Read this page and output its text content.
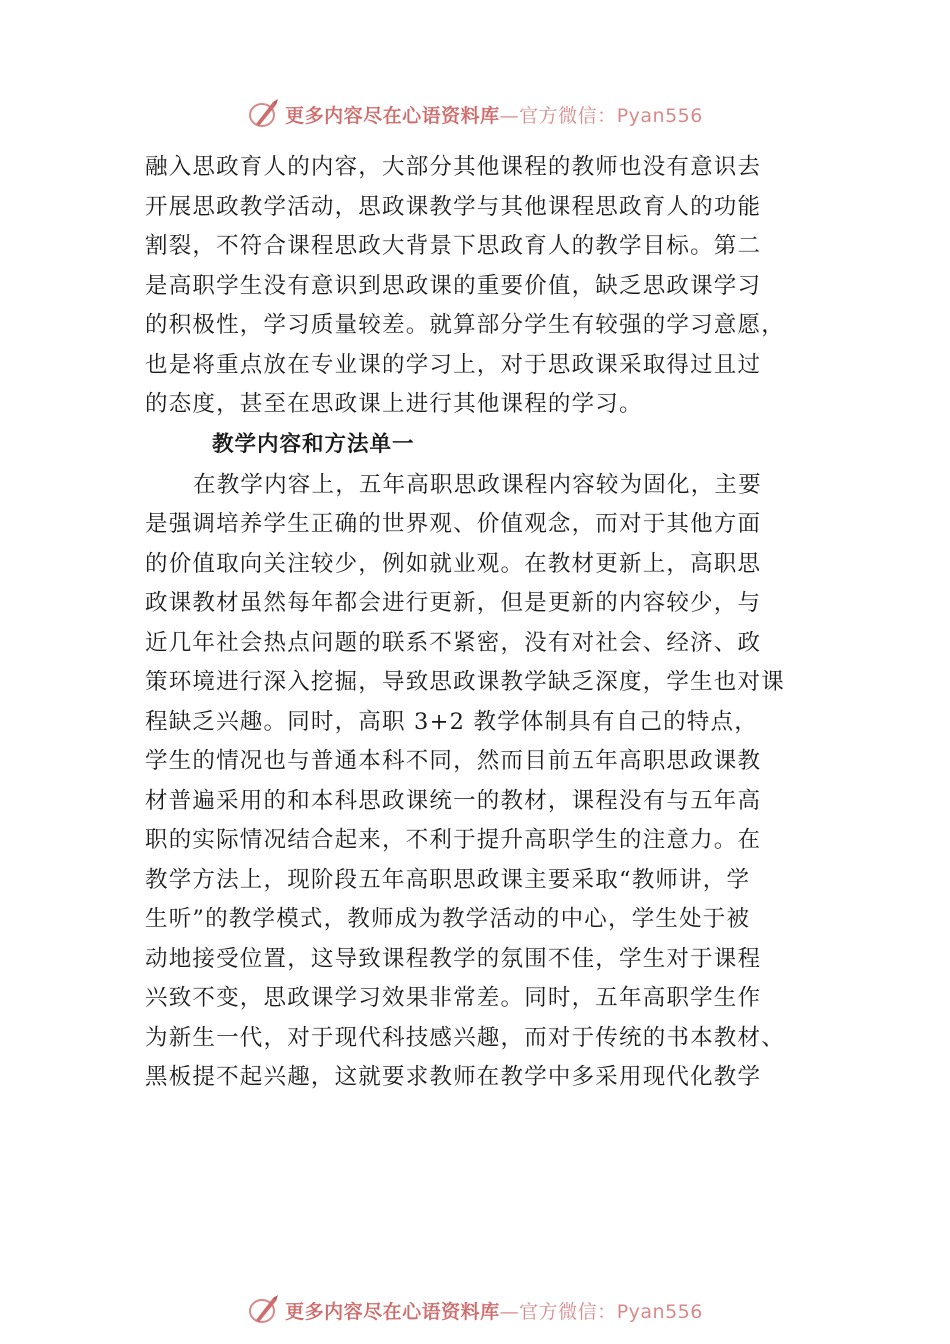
更多内容尽在心语资料库—官方微信：Pyan556
融入思政育人的内容，大部分其他课程的教师也没有意识去
开展思政教学活动，思政课教学与其他课程思政育人的功能
割裂，不符合课程思政大背景下思政育人的教学目标。第二
是高职学生没有意识到思政课的重要价值，缺乏思政课学习
的积极性，学习质量较差。就算部分学生有较强的学习意愿，
也是将重点放在专业课的学习上，对于思政课采取得过且过
的态度，甚至在思政课上进行其他课程的学习。
教学内容和方法单一
在教学内容上，五年高职思政课程内容较为固化，主要
是强调培养学生正确的世界观、价值观念，而对于其他方面
的价值取向关注较少，例如就业观。在教材更新上，高职思
政课教材虽然每年都会进行更新，但是更新的内容较少，与
近几年社会热点问题的联系不紧密，没有对社会、经济、政
策环境进行深入挖掘，导致思政课教学缺乏深度，学生也对课
程缺乏兴趣。同时，高职 3+2 教学体制具有自己的特点，
学生的情况也与普通本科不同，然而目前五年高职思政课教
材普遍采用的和本科思政课统一的教材，课程没有与五年高
职的实际情况结合起来，不利于提升高职学生的注意力。在
教学方法上，现阶段五年高职思政课主要采取“教师讲，学
生听”的教学模式，教师成为教学活动的中心，学生处于被
动地接受位置，这导致课程教学的氛围不佳，学生对于课程
兴致不变，思政课学习效果非常差。同时，五年高职学生作
为新生一代，对于现代科技感兴趣，而对于传统的书本教材、
黑板提不起兴趣，这就要求教师在教学中多采用现代化教学
更多内容尽在心语资料库—官方微信：Pyan556
